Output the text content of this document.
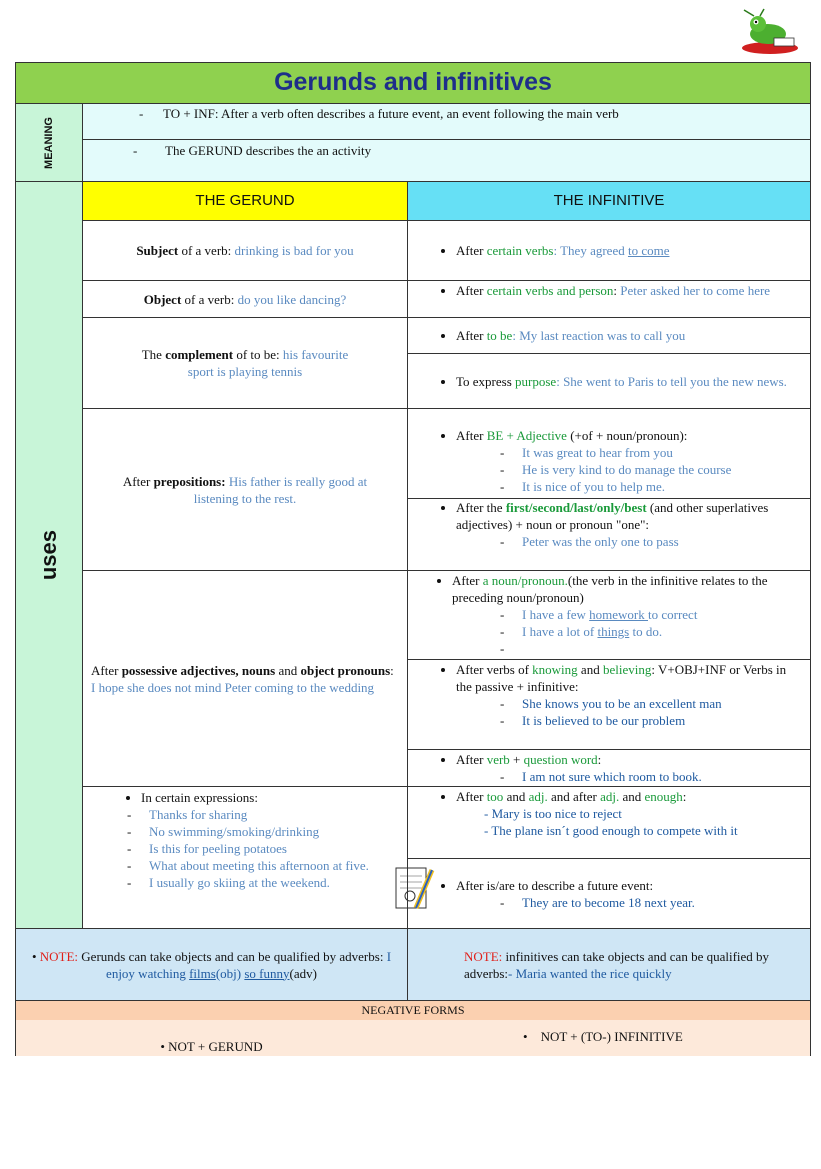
Gerunds and infinitives
MEANING
- TO + INF: After a verb often describes a future event, an event following the main verb
- The GERUND describes the an activity
uses
THE GERUND	THE INFINITIVE
Subject of a verb: drinking is bad for you
Object of a verb: do you like dancing?
The complement of to be: his favourite sport is playing tennis
After prepositions: His father is really good at listening to the rest.
After possessive adjectives, nouns and object pronouns: I hope she does not mind Peter coming to the wedding
• In certain expressions:
- Thanks for sharing
- No swimming/smoking/drinking
- Is this for peeling potatoes
- What about meeting this afternoon at five.
- I usually go skiing at the weekend.
• After certain verbs: They agreed to come
• After certain verbs and person: Peter asked her to come here
• After to be: My last reaction was to call you
• To express purpose: She went to Paris to tell you the new news.
• After BE + Adjective (+of + noun/pronoun):
- It was great to hear from you
- He is very kind to do manage the course
- It is nice of you to help me.
• After the first/second/last/only/best (and other superlatives adjectives) + noun or pronoun "one":
- Peter was the only one to pass
• After a noun/pronoun.(the verb in the infinitive relates to the preceding noun/pronoun)
- I have a few homework to correct
- I have a lot of things to do.
-
• After verbs of knowing and believing: V+OBJ+INF or Verbs in the passive + infinitive:
- She knows you to be an excellent man
- It is believed to be our problem
• After verb + question word:
- I am not sure which room to book.
• After too and adj. and after adj. and enough:
- Mary is too nice to reject
- The plane isn´t good enough to compete with it
• After is/are to describe a future event:
- They are to become 18 next year.
• NOTE: Gerunds can take objects and can be qualified by adverbs: I enjoy watching films(obj) so funny(adv)
NOTE: infinitives can take objects and can be qualified by adverbs:- Maria wanted the rice quickly
NEGATIVE FORMS
• NOT + GERUND
•    NOT + (TO-) INFINITIVE
